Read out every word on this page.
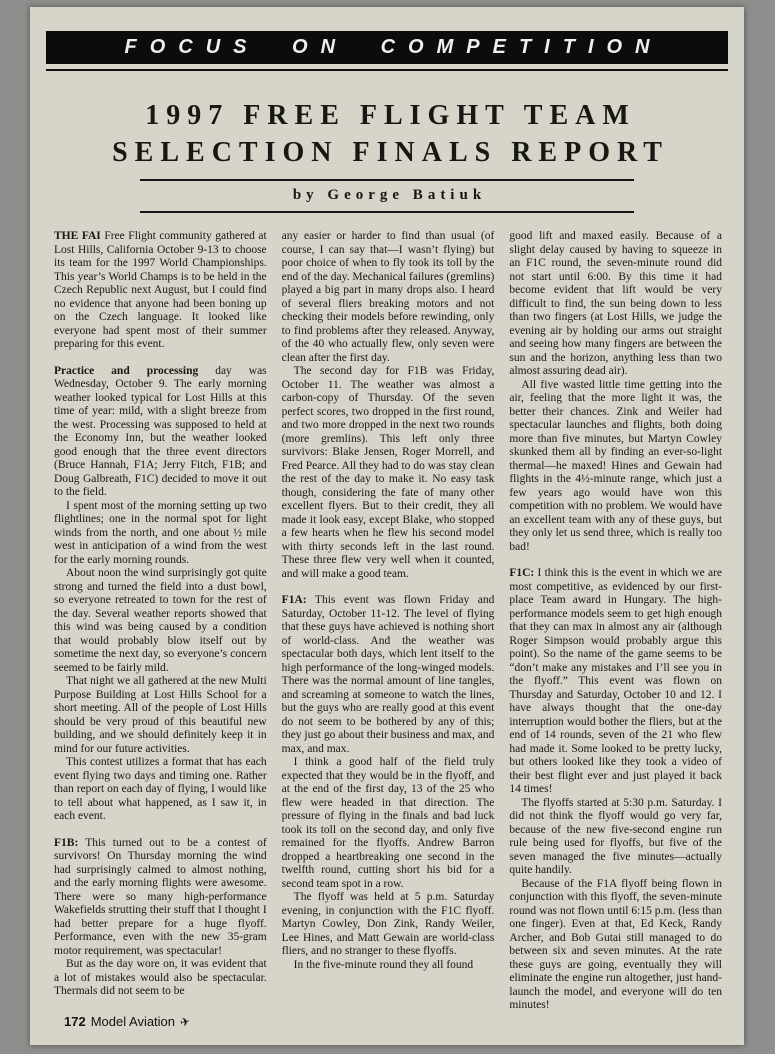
FOCUS ON COMPETITION
1997 FREE FLIGHT TEAM
SELECTION FINALS REPORT
by George Batiuk

THE FAI Free Flight community gathered at Lost Hills, California October 9-13 to choose its team for the 1997 World Championships. This year’s World Champs is to be held in the Czech Republic next August, but I could find no evidence that anyone had been boning up on the Czech language. It looked like everyone had spent most of their summer preparing for this event.

Practice and processing day was Wednesday, October 9. The early morning weather looked typical for Lost Hills at this time of year: mild, with a slight breeze from the west. Processing was supposed to held at the Economy Inn, but the weather looked good enough that the three event directors (Bruce Hannah, F1A; Jerry Fitch, F1B; and Doug Galbreath, F1C) decided to move it out to the field.

I spent most of the morning setting up two flightlines; one in the normal spot for light winds from the north, and one about ½ mile west in anticipation of a wind from the west for the early morning rounds.

About noon the wind surprisingly got quite strong and turned the field into a dust bowl, so everyone retreated to town for the rest of the day. Several weather reports showed that this wind was being caused by a condition that would probably blow itself out by sometime the next day, so everyone’s concern seemed to be fairly mild.

That night we all gathered at the new Multi Purpose Building at Lost Hills School for a short meeting. All of the people of Lost Hills should be very proud of this beautiful new building, and we should definitely keep it in mind for our future activities.

This contest utilizes a format that has each event flying two days and timing one. Rather than report on each day of flying, I would like to tell about what happened, as I saw it, in each event.

F1B: This turned out to be a contest of survivors! On Thursday morning the wind had surprisingly calmed to almost nothing, and the early morning flights were awesome. There were so many high-performance Wakefields strutting their stuff that I thought I had better prepare for a huge flyoff. Performance, even with the new 35-gram motor requirement, was spectacular!

But as the day wore on, it was evident that a lot of mistakes would also be spectacular. Thermals did not seem to be

any easier or harder to find than usual (of course, I can say that—I wasn’t flying) but poor choice of when to fly took its toll by the end of the day. Mechanical failures (gremlins) played a big part in many drops also. I heard of several fliers breaking motors and not checking their models before rewinding, only to find problems after they released. Anyway, of the 40 who actually flew, only seven were clean after the first day.

The second day for F1B was Friday, October 11. The weather was almost a carbon-copy of Thursday. Of the seven perfect scores, two dropped in the first round, and two more dropped in the next two rounds (more gremlins). This left only three survivors: Blake Jensen, Roger Morrell, and Fred Pearce. All they had to do was stay clean the rest of the day to make it. No easy task though, considering the fate of many other excellent flyers. But to their credit, they all made it look easy, except Blake, who stopped a few hearts when he flew his second model with thirty seconds left in the last round. These three flew very well when it counted, and will make a good team.

F1A: This event was flown Friday and Saturday, October 11-12. The level of flying that these guys have achieved is nothing short of world-class. And the weather was spectacular both days, which lent itself to the high performance of the long-winged models. There was the normal amount of line tangles, and screaming at someone to watch the lines, but the guys who are really good at this event do not seem to be bothered by any of this; they just go about their business and max, and max, and max.

I think a good half of the field truly expected that they would be in the flyoff, and at the end of the first day, 13 of the 25 who flew were headed in that direction. The pressure of flying in the finals and bad luck took its toll on the second day, and only five remained for the flyoffs. Andrew Barron dropped a heartbreaking one second in the twelfth round, cutting short his bid for a second team spot in a row.

The flyoff was held at 5 p.m. Saturday evening, in conjunction with the F1C flyoff. Martyn Cowley, Don Zink, Randy Weiler, Lee Hines, and Matt Gewain are world-class fliers, and no stranger to these flyoffs.

In the five-minute round they all found

good lift and maxed easily. Because of a slight delay caused by having to squeeze in an F1C round, the seven-minute round did not start until 6:00. By this time it had become evident that lift would be very difficult to find, the sun being down to less than two fingers (at Lost Hills, we judge the evening air by holding our arms out straight and seeing how many fingers are between the sun and the horizon, anything less than two almost assuring dead air).

All five wasted little time getting into the air, feeling that the more light it was, the better their chances. Zink and Weiler had spectacular launches and flights, both doing more than five minutes, but Martyn Cowley skunked them all by finding an ever-so-light thermal—he maxed! Hines and Gewain had flights in the 4½-minute range, which just a few years ago would have won this competition with no problem. We would have an excellent team with any of these guys, but they only let us send three, which is really too bad!

F1C: I think this is the event in which we are most competitive, as evidenced by our first-place Team award in Hungary. The high-performance models seem to get high enough that they can max in almost any air (although Roger Simpson would probably argue this point). So the name of the game seems to be “don’t make any mistakes and I’ll see you in the flyoff.” This event was flown on Thursday and Saturday, October 10 and 12. I have always thought that the one-day interruption would bother the fliers, but at the end of 14 rounds, seven of the 21 who flew had made it. Some looked to be pretty lucky, but others looked like they took a video of their best flight ever and just played it back 14 times!

The flyoffs started at 5:30 p.m. Saturday. I did not think the flyoff would go very far, because of the new five-second engine run rule being used for flyoffs, but five of the seven managed the five minutes—actually quite handily.

Because of the F1A flyoff being flown in conjunction with this flyoff, the seven-minute round was not flown until 6:15 p.m. (less than one finger). Even at that, Ed Keck, Randy Archer, and Bob Gutai still managed to do between six and seven minutes. At the rate these guys are going, eventually they will eliminate the engine run altogether, just hand-launch the model, and everyone will do ten minutes!

172 Model Aviation ✈
